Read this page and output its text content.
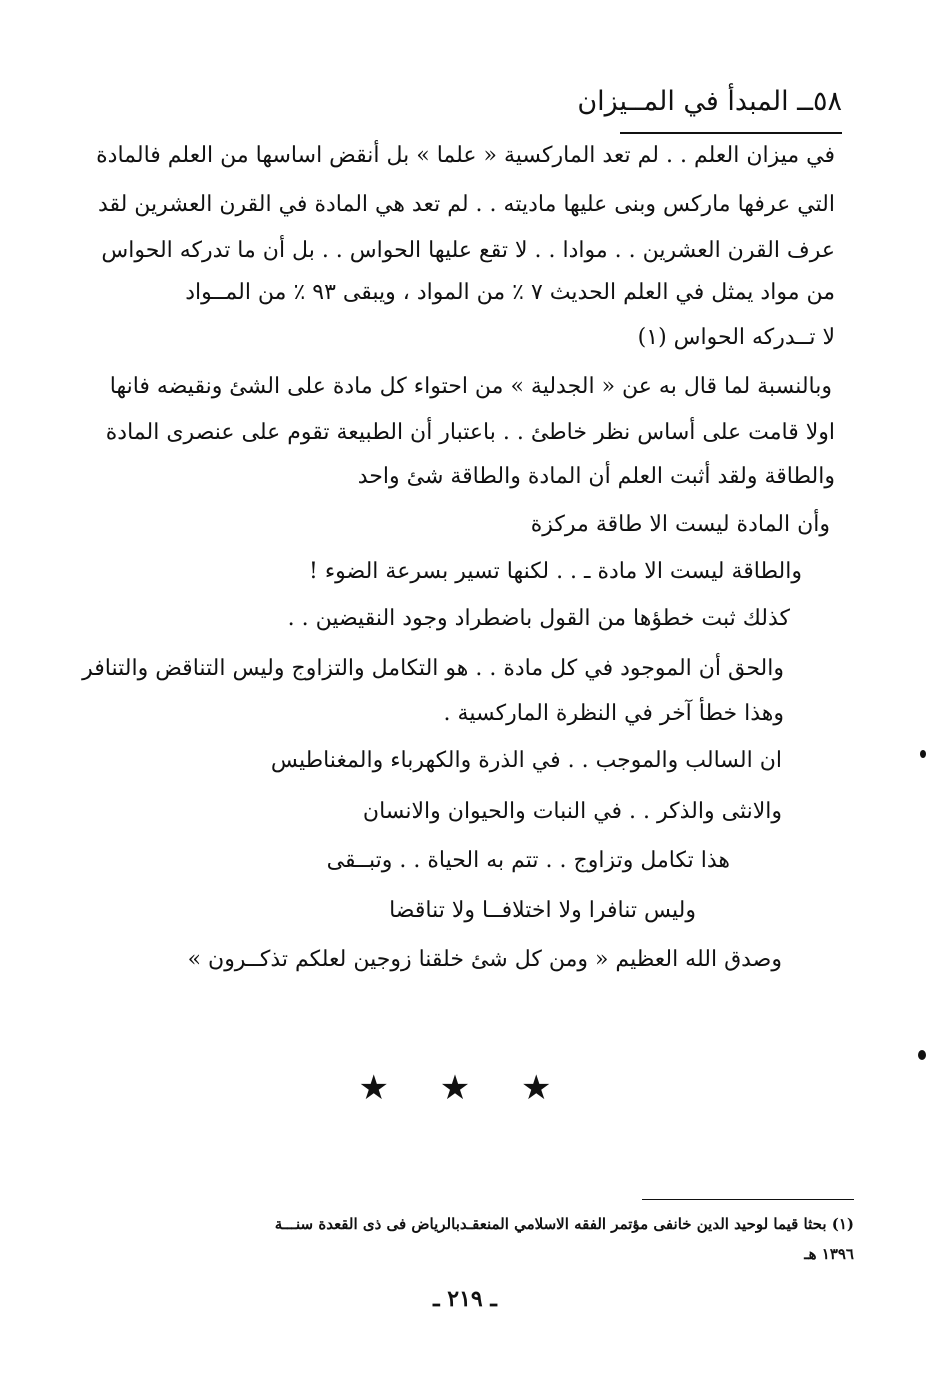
٥٨ــ المبدأ في المــيزان
في ميزان العلم . . لم تعد الماركسية « علما » بل أنقض اساسها من العلم فالمادة
التي عرفها ماركس وبنى عليها ماديته . . لم تعد هي المادة في القرن العشرين لقد
عرف القرن العشرين . . موادا . . لا تقع عليها الحواس . . بل أن ما تدركه الحواس
من مواد يمثل في العلم الحديث ٧ ٪ من المواد ، ويبقى ٩٣ ٪ من المــواد
لا تــدركه الحواس (١)
وبالنسبة لما قال به عن « الجدلية » من احتواء كل مادة على الشئ ونقيضه فانها
اولا قامت على أساس نظر خاطئ . . باعتبار أن الطبيعة تقوم على عنصرى المادة
والطاقة ولقد أثبت العلم أن المادة والطاقة شئ واحد
وأن المادة ليست الا طاقة مركزة
والطاقة ليست الا مادة ـ . . لكنها تسير بسرعة الضوء !
كذلك ثبت خطؤها من القول باضطراد وجود النقيضين . .
والحق أن الموجود في كل مادة . . هو التكامل والتزاوج وليس التناقض والتنافر
وهذا خطأ آخر في النظرة الماركسية .
ان السالب والموجب . . في الذرة والكهرباء والمغناطيس
والانثى والذكر . . في النبات والحيوان والانسان
هذا تكامل وتزاوج . . تتم به الحياة . . وتبــقى
وليس تنافرا ولا اختلافــا ولا تناقضا
وصدق الله العظيم « ومن كل شئ خلقنا زوجين لعلكم تذكــرون »
★ ★ ★
(١) بحثا قيما لوحيد الدين خانفى مؤتمر الفقه الاسلامي المنعقـدبالرياض فى ذى القعدة سنـــة
١٣٩٦ هـ
ـ ٢١٩ ـ
